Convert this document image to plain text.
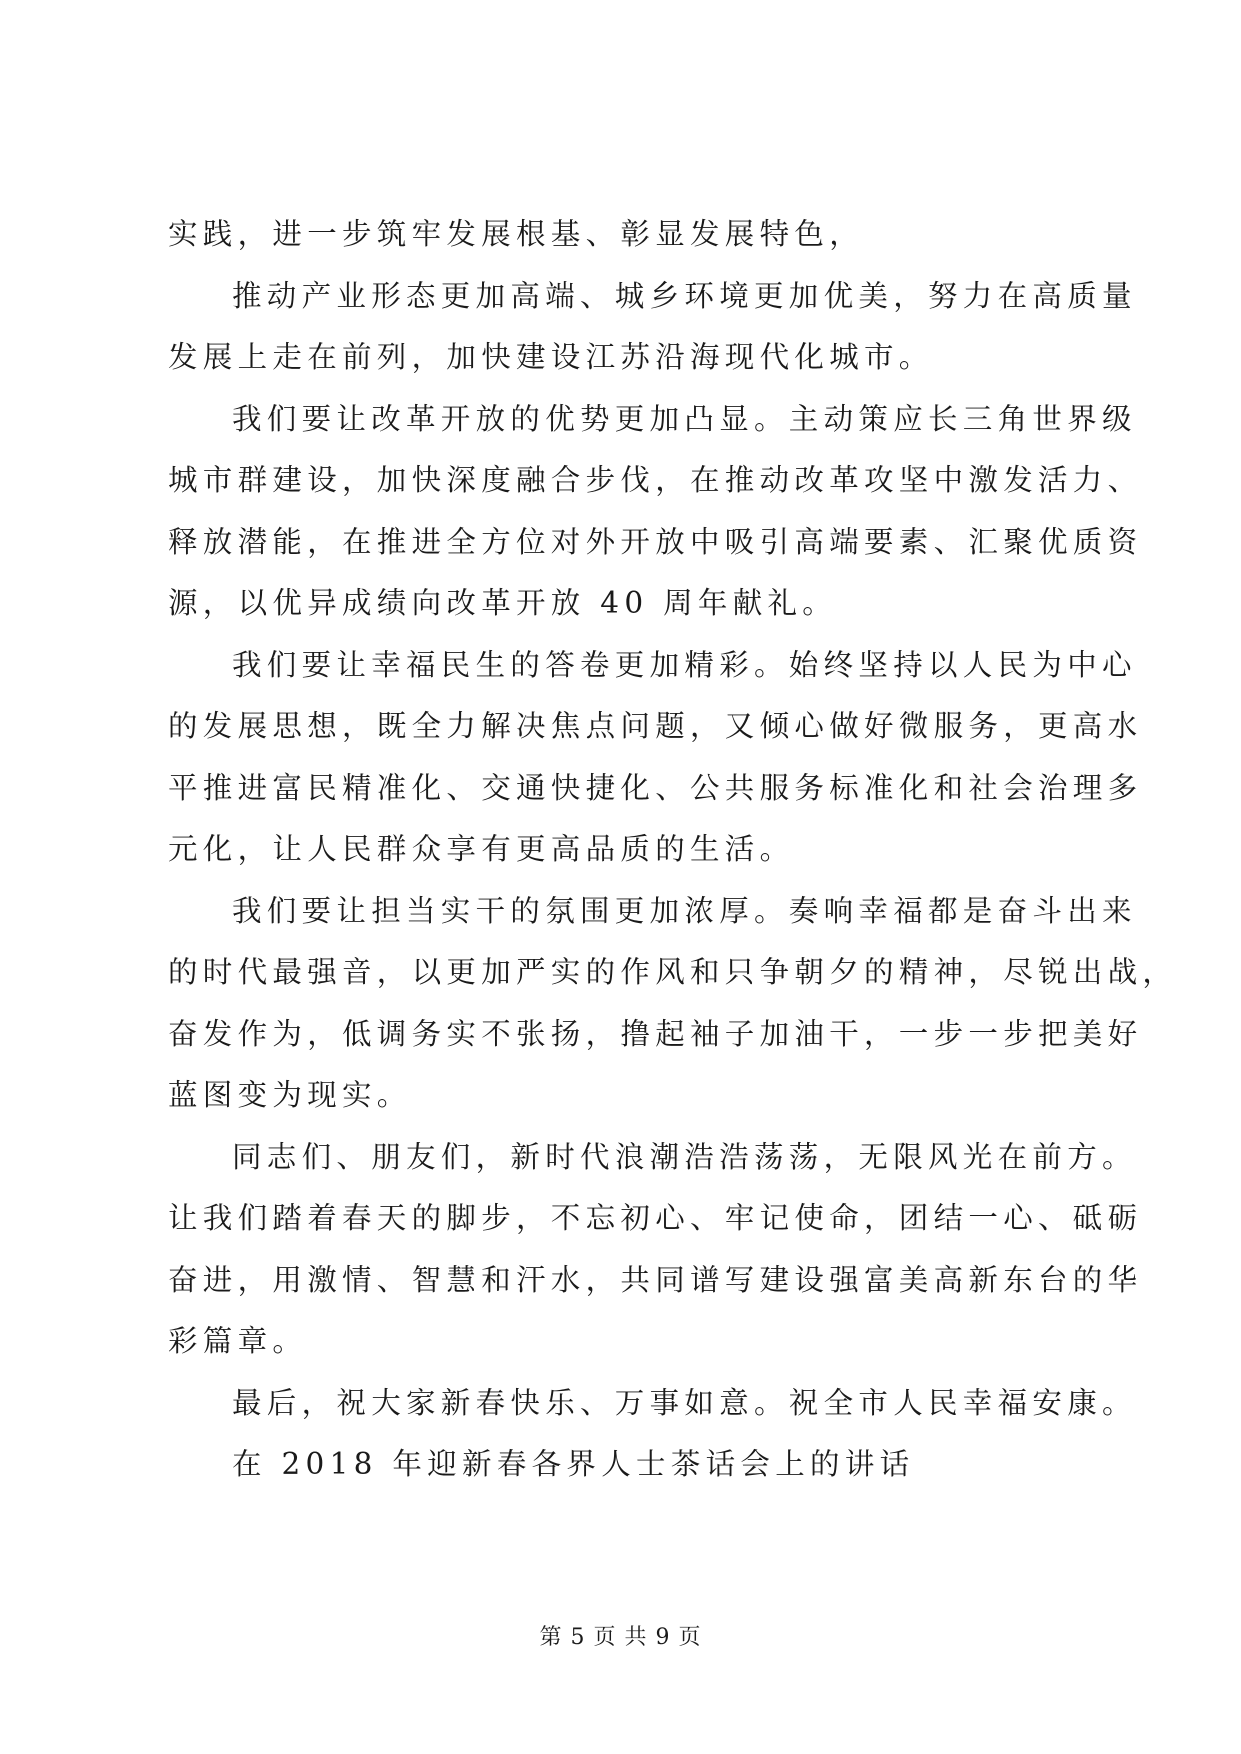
实践，进一步筑牢发展根基、彰显发展特色，
推动产业形态更加高端、城乡环境更加优美，努力在高质量
发展上走在前列，加快建设江苏沿海现代化城市。
我们要让改革开放的优势更加凸显。主动策应长三角世界级
城市群建设，加快深度融合步伐，在推动改革攻坚中激发活力、
释放潜能，在推进全方位对外开放中吸引高端要素、汇聚优质资
源，以优异成绩向改革开放 40 周年献礼。
我们要让幸福民生的答卷更加精彩。始终坚持以人民为中心
的发展思想，既全力解决焦点问题，又倾心做好微服务，更高水
平推进富民精准化、交通快捷化、公共服务标准化和社会治理多
元化，让人民群众享有更高品质的生活。
我们要让担当实干的氛围更加浓厚。奏响幸福都是奋斗出来
的时代最强音，以更加严实的作风和只争朝夕的精神，尽锐出战，
奋发作为，低调务实不张扬，撸起袖子加油干，一步一步把美好
蓝图变为现实。
同志们、朋友们，新时代浪潮浩浩荡荡，无限风光在前方。
让我们踏着春天的脚步，不忘初心、牢记使命，团结一心、砥砺
奋进，用激情、智慧和汗水，共同谱写建设强富美高新东台的华
彩篇章。
最后，祝大家新春快乐、万事如意。祝全市人民幸福安康。
在 2018 年迎新春各界人士茶话会上的讲话
第 5 页 共 9 页
